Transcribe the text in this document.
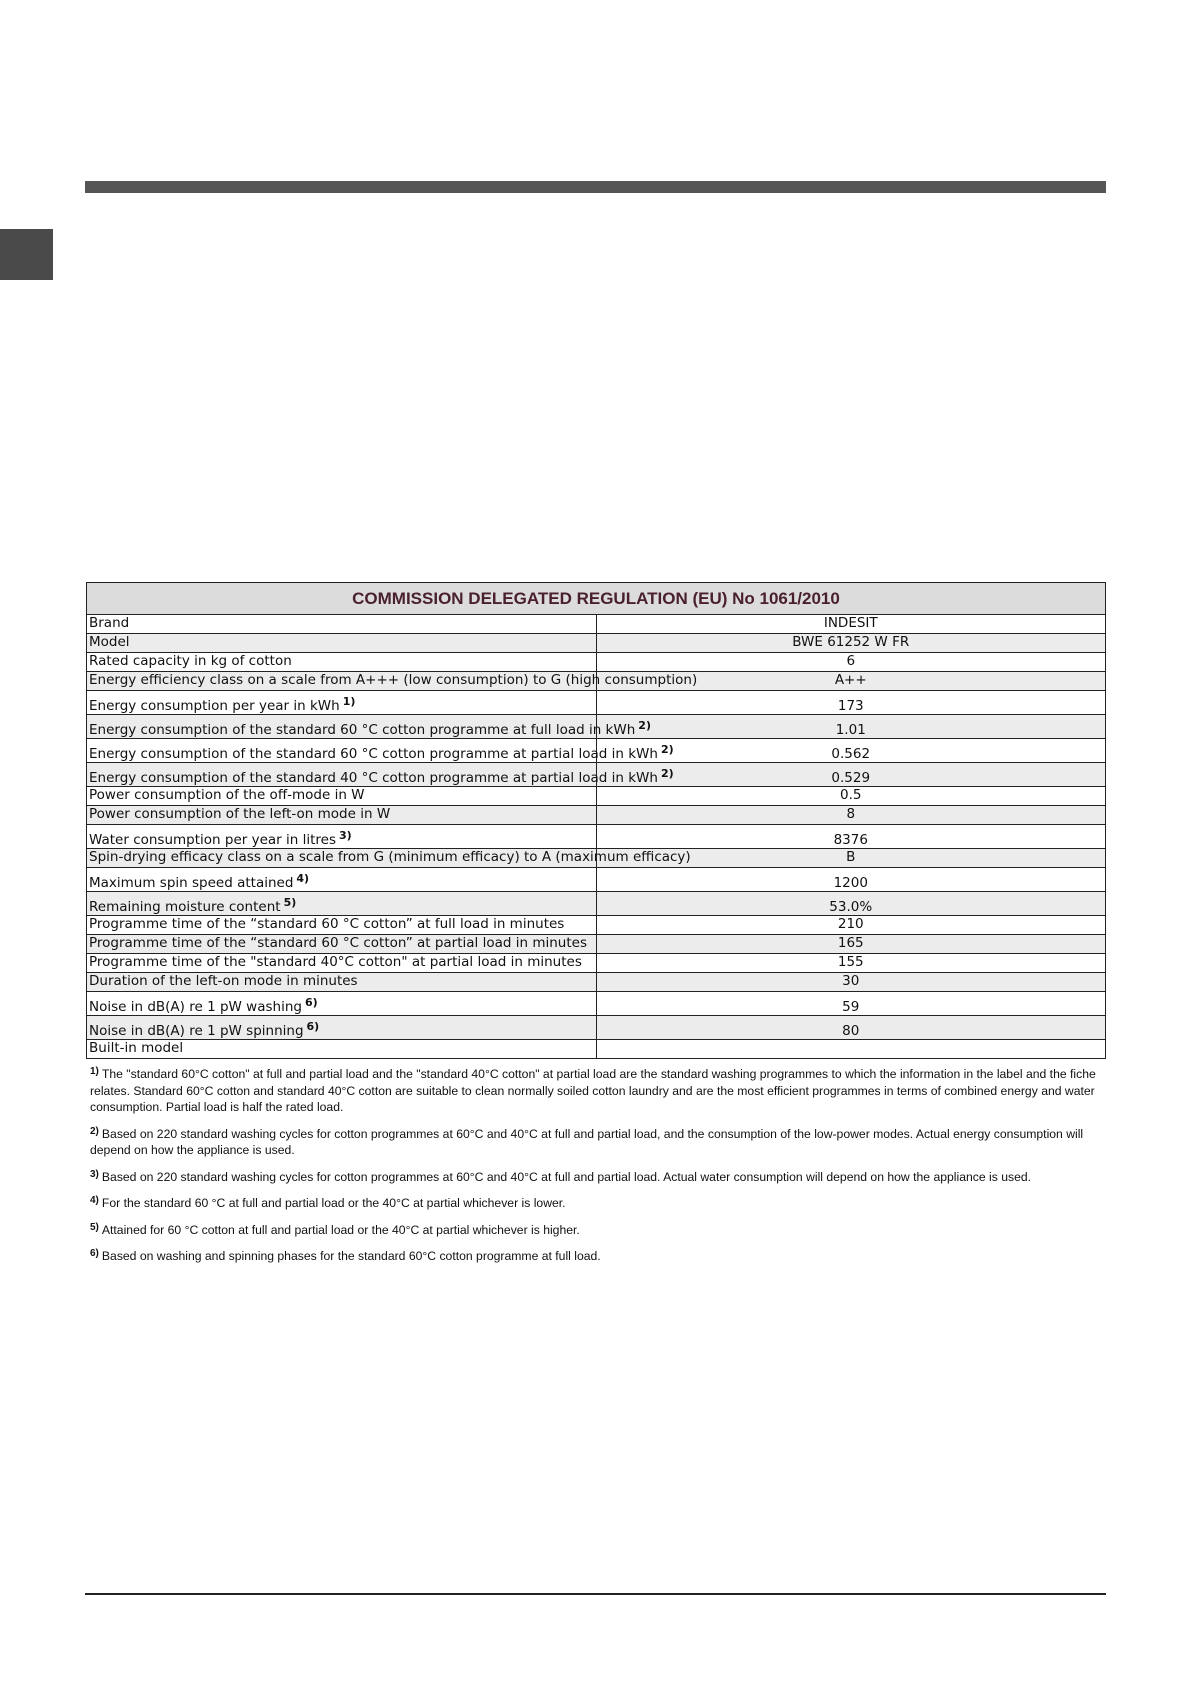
COMMISSION DELEGATED REGULATION (EU) No 1061/2010	
Brand	INDESIT
Model	BWE 61252 W FR
Rated capacity in kg of cotton	6
Energy efficiency class on a scale from A+++ (low consumption) to G (high consumption)	A++
Energy consumption per year in kWh $^{1)}$	173
Energy consumption of the standard 60 °C cotton programme at full load in kWh $^{2)}$	1.01
Energy consumption of the standard 60 °C cotton programme at partial load in kWh $^{2)}$	0.562
Energy consumption of the standard 40 °C cotton programme at partial load in kWh $^{2)}$	0.529
Power consumption of the off-mode in W	0.5
Power consumption of the left-on mode in W	8
Water consumption per year in litres $^{3)}$	8376
Spin-drying efficacy class on a scale from G (minimum efficacy) to A (maximum efficacy)	B
Maximum spin speed attained $^{4)}$	1200
Remaining moisture content $^{5)}$	53.0%
Programme time of the “standard 60 °C cotton” at full load in minutes	210
Programme time of the “standard 60 °C cotton” at partial load in minutes	165
Programme time of the "standard 40°C cotton" at partial load in minutes	155
Duration of the left-on mode in minutes	30
Noise in dB(A) re 1 pW washing $^{6)}$	59
Noise in dB(A) re 1 pW spinning $^{6)}$	80
Built-in model	

$^{1)}$ The "standard 60°C cotton" at full and partial load and the "standard 40°C cotton" at partial load are the standard washing programmes to which the information in the label and the fiche relates. Standard 60°C cotton and standard 40°C cotton are suitable to clean normally soiled cotton laundry and are the most efficient programmes in terms of combined energy and water consumption. Partial load is half the rated load.

$^{2)}$ Based on 220 standard washing cycles for cotton programmes at 60°C and 40°C at full and partial load, and the consumption of the low-power modes. Actual energy consumption will depend on how the appliance is used.

$^{3)}$ Based on 220 standard washing cycles for cotton programmes at 60°C and 40°C at full and partial load. Actual water consumption will depend on how the appliance is used.

$^{4)}$ For the standard 60 °C at full and partial load or the 40°C at partial whichever is lower.

$^{5)}$ Attained for 60 °C cotton at full and partial load or the 40°C at partial whichever is higher.

$^{6)}$ Based on washing and spinning phases for the standard 60°C cotton programme at full load.
